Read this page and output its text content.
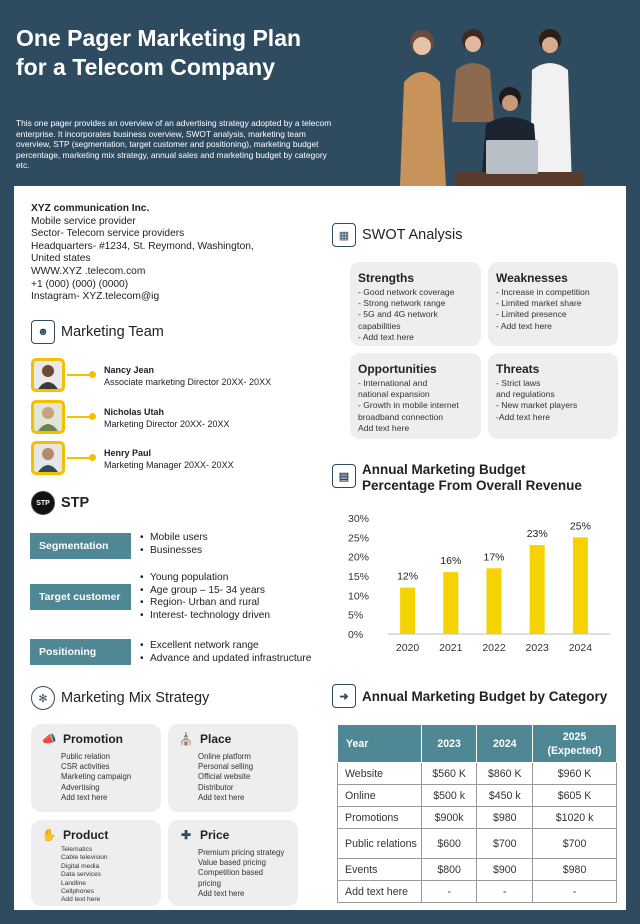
One Pager Marketing Plan for a Telecom Company
This one pager provides an overview of an advertising strategy adopted by a telecom enterprise. It incorporates business overview, SWOT analysis, marketing team overview, STP (segmentation, target customer and positioning), marketing budget percentage, marketing mix strategy, annual sales and marketing budget by category etc.
XYZ communication Inc.
Mobile service provider
Sector- Telecom service providers
Headquarters- #1234, St. Reymond, Washington,
United states
WWW.XYZ .telecom.com
+1 (000) (000) (0000)
Instagram- XYZ.telecom@ig
☻ Marketing Team
Nancy Jean
Associate marketing Director 20XX- 20XX
Nicholas Utah
Marketing Director 20XX- 20XX
Henry Paul
Marketing Manager 20XX- 20XX
STP STP
Segmentation
• Mobile users
• Businesses
Target customer
• Young population
• Age group – 15- 34 years
• Region- Urban and rural
• Interest- technology driven
Positioning
• Excellent network range
• Advance and updated infrastructure
▦ SWOT Analysis
Strengths
- Good network coverage
- Strong network range
- 5G and 4G network
capabilities
- Add text here
Weaknesses
- Increase in competition
- Limited market share
- Limited presence
- Add text here
Opportunities
- International and
national expansion
- Growth in mobile internet
broadband connection
Add text here
Threats
- Strict laws
and regulations
- New market players
-Add text here
▤ Annual Marketing Budget Percentage From Overall Revenue
0%
5%
10%
15%
20%
25%
30%
12%
2020
16%
2021
17%
2022
23%
2023
25%
2024
✻ Marketing Mix Strategy
📣 Promotion
Public relation
CSR activities
Marketing campaign
Advertising
Add text here
⛪ Place
Online platform
Personal selling
Official website
Distributor
Add text here
✋ Product
Telematics
Cable television
Digital media
Data services
Landline
Cellphones
Add text here
✚ Price
Premium pricing strategy
Value based pricing
Competition based
pricing
Add text here
➜ Annual Marketing Budget by Category
Year	2023	2024	2025 (Expected)
Website	$560 K	$860 K	$960 K
Online	$500 k	$450 k	$605 K
Promotions	$900k	$980	$1020 k
Public relations	$600	$700	$700
Events	$800	$900	$980
Add text here	-	-	-
